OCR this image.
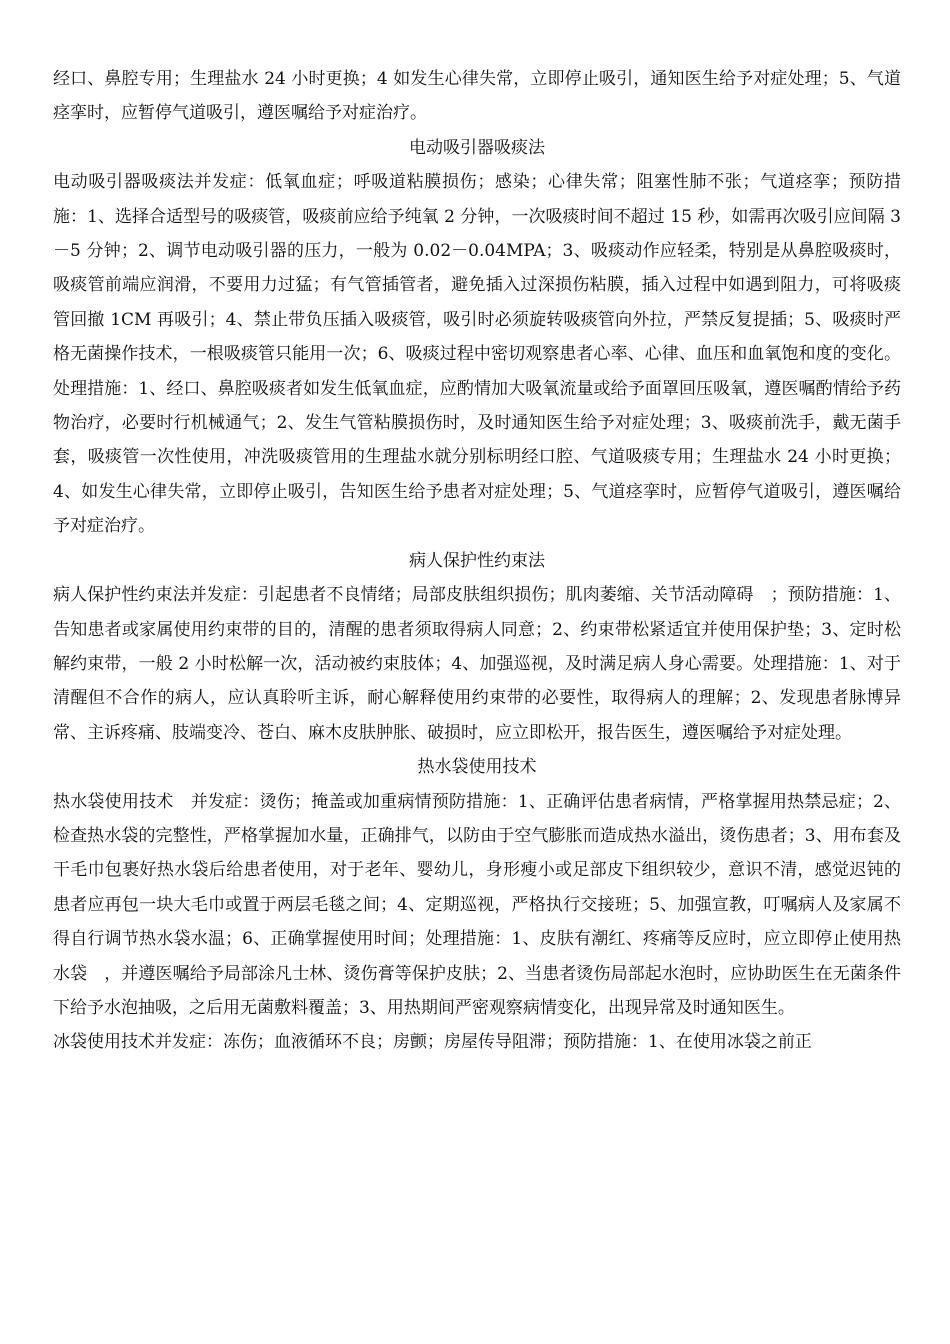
经口、鼻腔专用；生理盐水 24 小时更换；4 如发生心律失常，立即停止吸引，通知医生给予对症处理；5、气道痉挛时，应暂停气道吸引，遵医嘱给予对症治疗。

电动吸引器吸痰法

电动吸引器吸痰法并发症：低氧血症；呼吸道粘膜损伤；感染；心律失常；阻塞性肺不张；气道痉挛；预防措施：1、选择合适型号的吸痰管，吸痰前应给予纯氧 2 分钟，一次吸痰时间不超过 15 秒，如需再次吸引应间隔 3－5 分钟；2、调节电动吸引器的压力，一般为 0.02－0.04MPA；3、吸痰动作应轻柔，特别是从鼻腔吸痰时，吸痰管前端应润滑，不要用力过猛；有气管插管者，避免插入过深损伤粘膜，插入过程中如遇到阻力，可将吸痰管回撤 1CM 再吸引；4、禁止带负压插入吸痰管，吸引时必须旋转吸痰管向外拉，严禁反复提插；5、吸痰时严格无菌操作技术，一根吸痰管只能用一次；6、吸痰过程中密切观察患者心率、心律、血压和血氧饱和度的变化。处理措施：1、经口、鼻腔吸痰者如发生低氧血症，应酌情加大吸氧流量或给予面罩回压吸氧，遵医嘱酌情给予药物治疗，必要时行机械通气；2、发生气管粘膜损伤时，及时通知医生给予对症处理；3、吸痰前洗手，戴无菌手套，吸痰管一次性使用，冲洗吸痰管用的生理盐水就分别标明经口腔、气道吸痰专用；生理盐水 24 小时更换；4、如发生心律失常，立即停止吸引，告知医生给予患者对症处理；5、气道痉挛时，应暂停气道吸引，遵医嘱给予对症治疗。

病人保护性约束法

病人保护性约束法并发症：引起患者不良情绪；局部皮肤组织损伤；肌肉萎缩、关节活动障碍　；预防措施：1、告知患者或家属使用约束带的目的，清醒的患者须取得病人同意；2、约束带松紧适宜并使用保护垫；3、定时松解约束带，一般 2 小时松解一次，活动被约束肢体；4、加强巡视，及时满足病人身心需要。处理措施：1、对于清醒但不合作的病人，应认真聆听主诉，耐心解释使用约束带的必要性，取得病人的理解；2、发现患者脉博异常、主诉疼痛、肢端变冷、苍白、麻木皮肤肿胀、破损时，应立即松开，报告医生，遵医嘱给予对症处理。

热水袋使用技术

热水袋使用技术　并发症：烫伤；掩盖或加重病情预防措施：1、正确评估患者病情，严格掌握用热禁忌症；2、检查热水袋的完整性，严格掌握加水量，正确排气，以防由于空气膨胀而造成热水溢出，烫伤患者；3、用布套及干毛巾包裹好热水袋后给患者使用，对于老年、婴幼儿，身形瘦小或足部皮下组织较少，意识不清，感觉迟钝的患者应再包一块大毛巾或置于两层毛毯之间；4、定期巡视，严格执行交接班；5、加强宣教，叮嘱病人及家属不得自行调节热水袋水温；6、正确掌握使用时间；处理措施：1、皮肤有潮红、疼痛等反应时，应立即停止使用热水袋　，并遵医嘱给予局部涂凡士林、烫伤膏等保护皮肤；2、当患者烫伤局部起水泡时，应协助医生在无菌条件下给予水泡抽吸，之后用无菌敷料覆盖；3、用热期间严密观察病情变化，出现异常及时通知医生。

冰袋使用技术并发症：冻伤；血液循环不良；房颤；房屋传导阻滞；预防措施：1、在使用冰袋之前正
